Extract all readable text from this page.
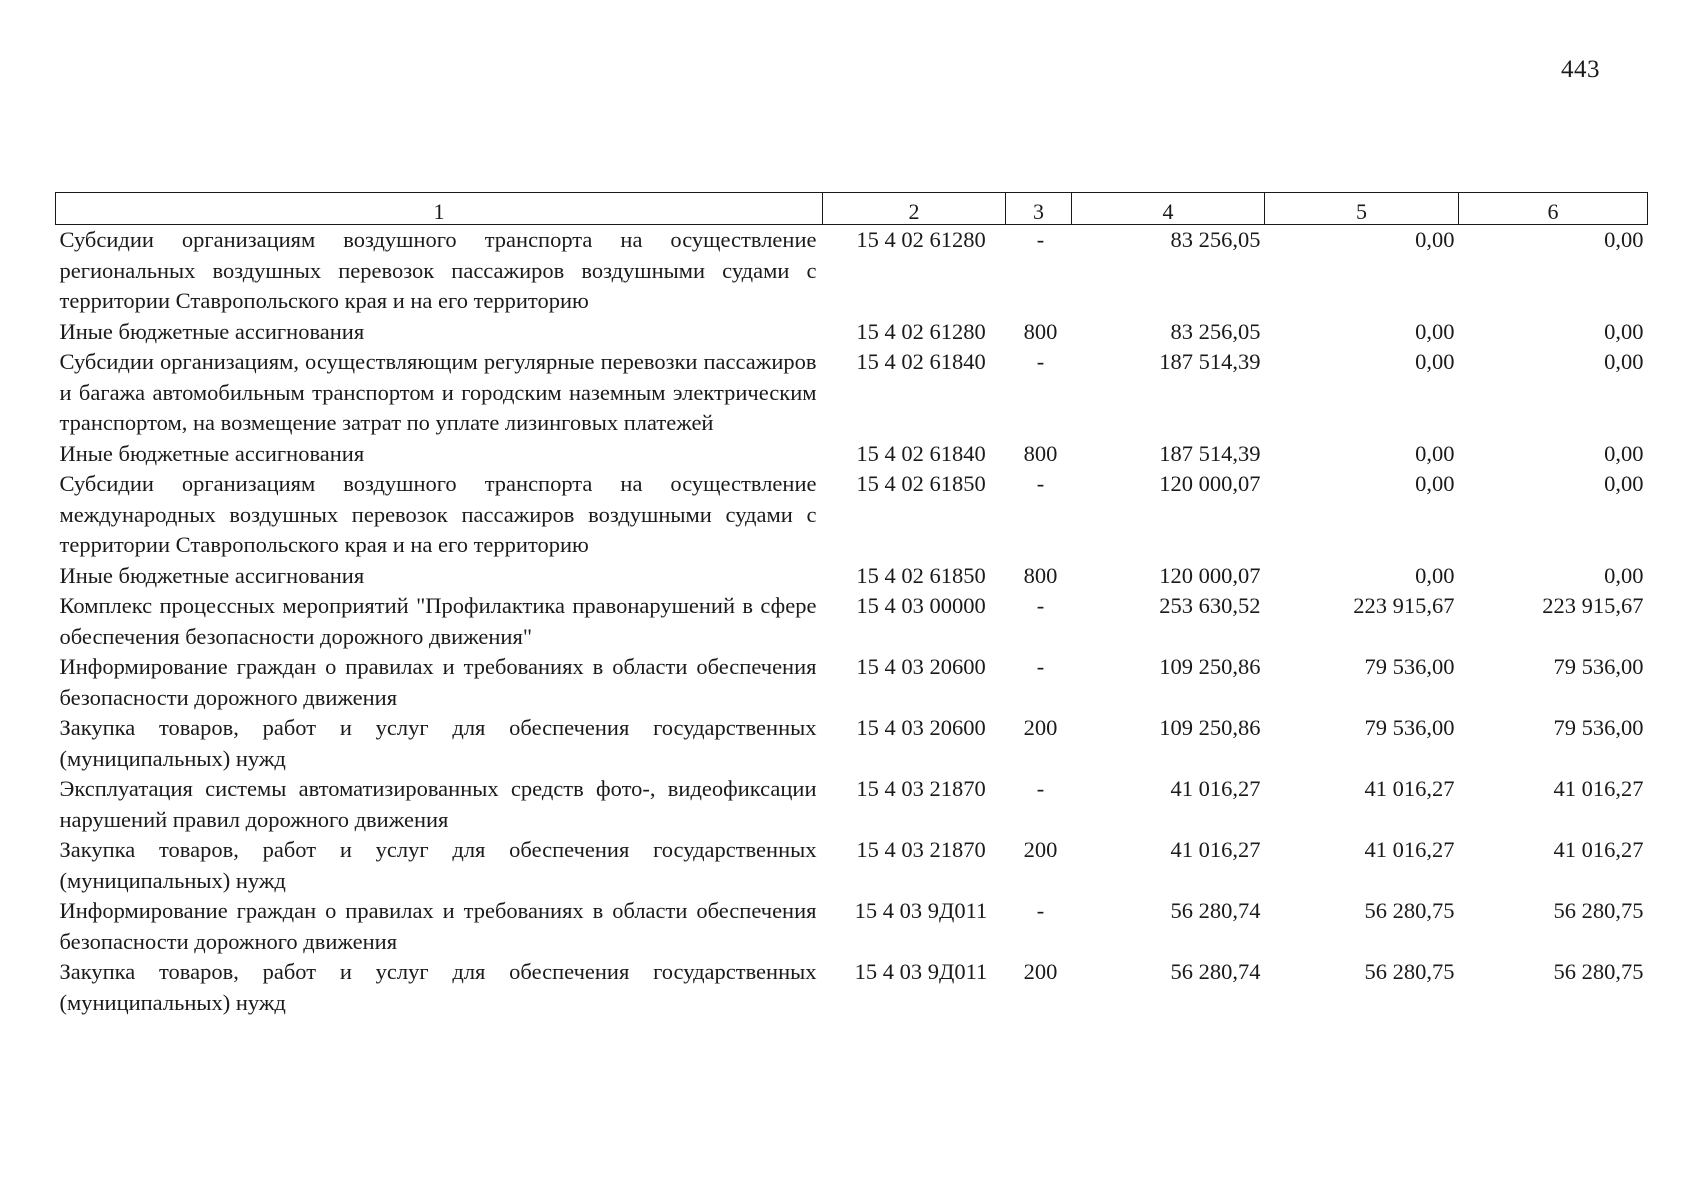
443
1	2	3	4	5	6
Субсидии организациям воздушного транспорта на осуществление региональных воздушных перевозок пассажиров воздушными судами с территории Ставропольского края и на его территорию	15 4 02 61280	-	83 256,05	0,00	0,00
Иные бюджетные ассигнования	15 4 02 61280	800	83 256,05	0,00	0,00
Субсидии организациям, осуществляющим регулярные перевозки пассажиров и багажа автомобильным транспортом и городским наземным электрическим транспортом, на возмещение затрат по уплате лизинговых платежей	15 4 02 61840	-	187 514,39	0,00	0,00
Иные бюджетные ассигнования	15 4 02 61840	800	187 514,39	0,00	0,00
Субсидии организациям воздушного транспорта на осуществление международных воздушных перевозок пассажиров воздушными судами с территории Ставропольского края и на его территорию	15 4 02 61850	-	120 000,07	0,00	0,00
Иные бюджетные ассигнования	15 4 02 61850	800	120 000,07	0,00	0,00
Комплекс процессных мероприятий "Профилактика правонарушений в сфере обеспечения безопасности дорожного движения"	15 4 03 00000	-	253 630,52	223 915,67	223 915,67
Информирование граждан о правилах и требованиях в области обеспечения безопасности дорожного движения	15 4 03 20600	-	109 250,86	79 536,00	79 536,00
Закупка товаров, работ и услуг для обеспечения государственных (муниципальных) нужд	15 4 03 20600	200	109 250,86	79 536,00	79 536,00
Эксплуатация системы автоматизированных средств фото-, видеофиксации нарушений правил дорожного движения	15 4 03 21870	-	41 016,27	41 016,27	41 016,27
Закупка товаров, работ и услуг для обеспечения государственных (муниципальных) нужд	15 4 03 21870	200	41 016,27	41 016,27	41 016,27
Информирование граждан о правилах и требованиях в области обеспечения безопасности дорожного движения	15 4 03 9Д011	-	56 280,74	56 280,75	56 280,75
Закупка товаров, работ и услуг для обеспечения государственных (муниципальных) нужд	15 4 03 9Д011	200	56 280,74	56 280,75	56 280,75
